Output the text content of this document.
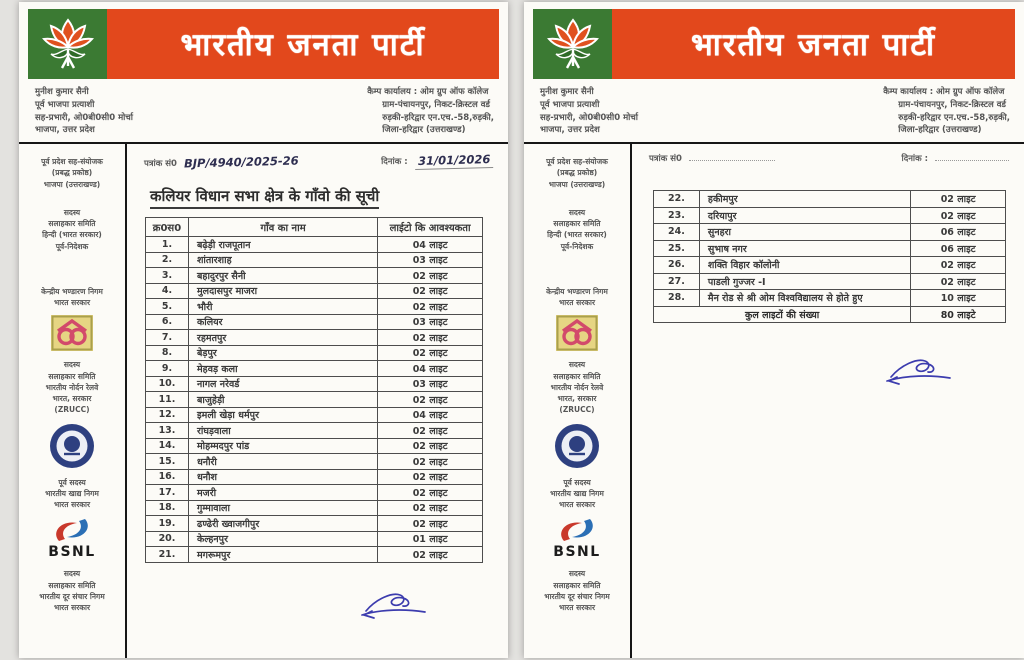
भारतीय जनता पार्टी
मुनीश कुमार सैनी
पूर्व भाजपा प्रत्याशी
सह-प्रभारी, ओ0बी0सी0 मोर्चा
भाजपा, उत्तर प्रदेश
कैम्प कार्यालय : ओम ग्रुप ऑफ कॉलेज
ग्राम-पंचायनपुर, निकट-क्रिस्टल वर्ड
रुड़की-हरिद्वार एन.एच.-58,रुड़की,
जिला-हरिद्वार (उत्तराखण्ड)
पूर्व प्रदेश सह-संयोजक
(प्रबद्ध प्रकोष्ठ)
भाजपा (उत्तराखण्ड)
सदस्य
सलाहकार समिति
हिन्दी (भारत सरकार)
पूर्व-निदेशक
केन्द्रीय भण्डारण निगम
भारत सरकार
सदस्य
सलाहकार समिति
भारतीय नोर्दन रेलवे
भारत, सरकार
(ZRUCC)
पूर्व सदस्य
भारतीय खाद्य निगम
भारत सरकार
BSNL
सदस्य
सलाहकार समिति
भारतीय दूर संचार निगम
भारत सरकार
पत्रांक सं0 BJP/4940/2025-26	दिनांक : 31/01/2026
कलियर विधान सभा क्षेत्र के गाँवो की सूची
क्र0स0	गाँव का नाम	लाईटो कि आवश्यकता
1.	बढ़ेड़ी राजपूतान	04 लाइट
2.	शांतारशाह	03 लाइट
3.	बहादुरपुर सैनी	02 लाइट
4.	मुलदासपुर माजरा	02 लाइट
5.	भौरी	02 लाइट
6.	कलियर	03 लाइट
7.	रहमतपुर	02 लाइट
8.	बेड़पुर	02 लाइट
9.	मेहवड़ कला	04 लाइट
10.	नागल नरेवर्ड	03 लाइट
11.	बाजुहेड़ी	02 लाइट
12.	इमली खेड़ा धर्मपुर	04 लाइट
13.	रांघड़वाला	02 लाइट
14.	मोहम्मदपुर पांड	02 लाइट
15.	धनौरी	02 लाइट
16.	धनौश	02 लाइट
17.	मजरी	02 लाइट
18.	गुम्मावाला	02 लाइट
19.	ढण्ढेरी ख्वाजगीपुर	02 लाइट
20.	केल्हनपुर	01 लाइट
21.	मगरूमपुर	02 लाइट
भारतीय जनता पार्टी
मुनीश कुमार सैनी
पूर्व भाजपा प्रत्याशी
सह-प्रभारी, ओ0बी0सी0 मोर्चा
भाजपा, उत्तर प्रदेश
कैम्प कार्यालय : ओम ग्रुप ऑफ कॉलेज
ग्राम-पंचायनपुर, निकट-क्रिस्टल वर्ड
रुड़की-हरिद्वार एन.एच.-58,रुड़की,
जिला-हरिद्वार (उत्तराखण्ड)
पूर्व प्रदेश सह-संयोजक
(प्रबद्ध प्रकोष्ठ)
भाजपा (उत्तराखण्ड)
सदस्य
सलाहकार समिति
हिन्दी (भारत सरकार)
पूर्व-निदेशक
केन्द्रीय भण्डारण निगम
भारत सरकार
सदस्य
सलाहकार समिति
भारतीय नोर्दन रेलवे
भारत, सरकार
(ZRUCC)
पूर्व सदस्य
भारतीय खाद्य निगम
भारत सरकार
BSNL
सदस्य
सलाहकार समिति
भारतीय दूर संचार निगम
भारत सरकार
पत्रांक सं0	दिनांक :
22.	हकीमपुर	02 लाइट
23.	दरियापुर	02 लाइट
24.	सुनहरा	06 लाइट
25.	सुभाष नगर	06 लाइट
26.	शक्ति विहार कॉलोनी	02 लाइट
27.	पाडली गुज्जर -I	02 लाइट
28.	मैन रोड से श्री ओम विश्वविद्यालय से होते हुए	10 लाइट
कुल लाइटों की संख्या		80 लाइटे
